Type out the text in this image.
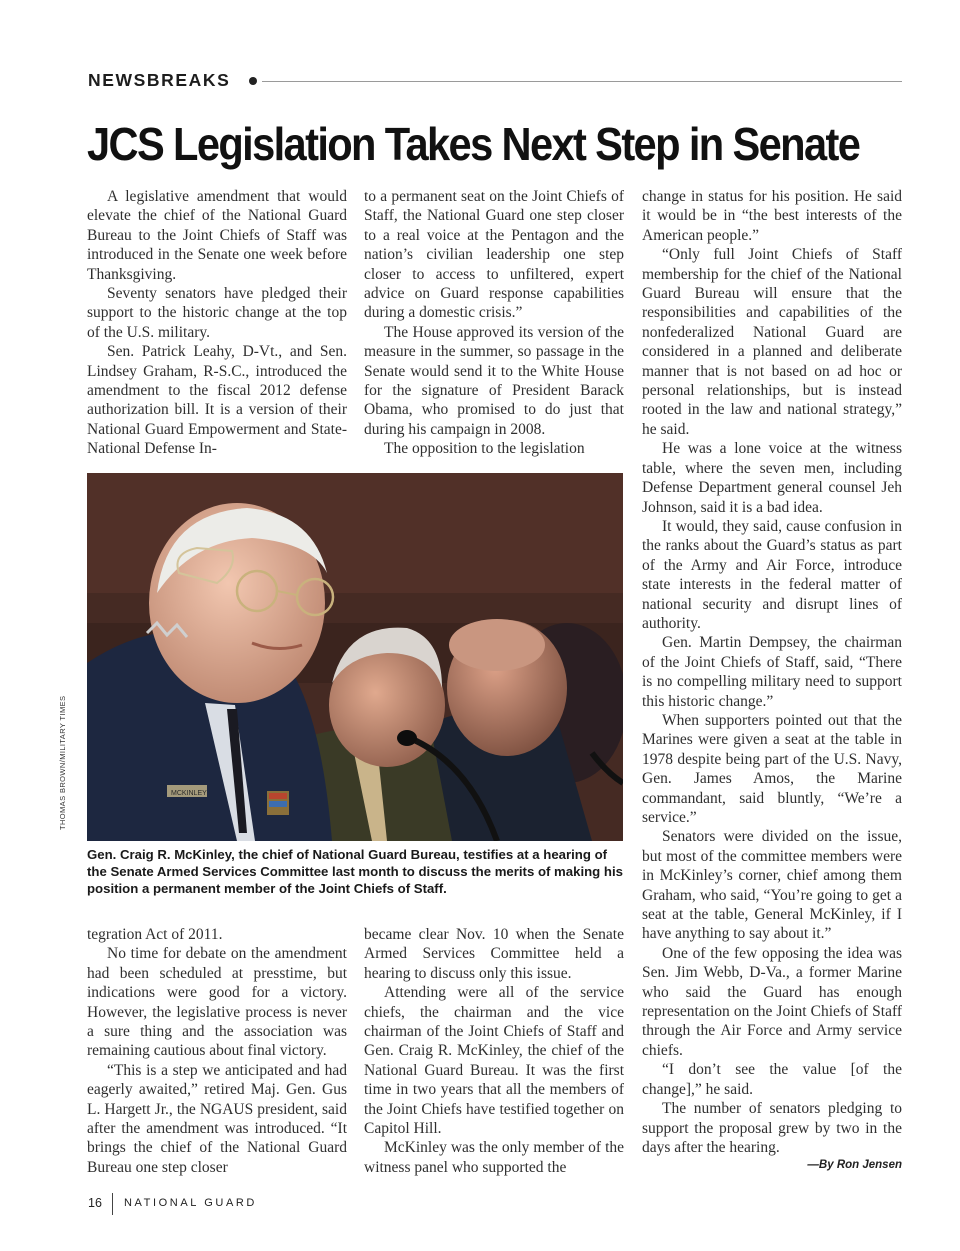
NEWSBREAKS
JCS Legislation Takes Next Step in Senate

A legislative amendment that would elevate the chief of the National Guard Bureau to the Joint Chiefs of Staff was introduced in the Senate one week before Thanksgiving.

Seventy senators have pledged their support to the historic change at the top of the U.S. military.

Sen. Patrick Leahy, D-Vt., and Sen. Lindsey Graham, R-S.C., introduced the amendment to the fiscal 2012 defense authorization bill. It is a version of their National Guard Empowerment and State-National Defense In-

to a permanent seat on the Joint Chiefs of Staff, the National Guard one step closer to a real voice at the Pentagon and the nation’s civilian leadership one step closer to access to unfiltered, expert advice on Guard response capabilities during a domestic crisis.”

The House approved its version of the measure in the summer, so passage in the Senate would send it to the White House for the signature of President Barack Obama, who promised to do just that during his campaign in 2008.

The opposition to the legislation

MCKINLEY
THOMAS BROWN/MILITARY TIMES
Gen. Craig R. McKinley, the chief of National Guard Bureau, testifies at a hearing of the Senate Armed Services Committee last month to discuss the merits of making his position a permanent member of the Joint Chiefs of Staff.

tegration Act of 2011.

No time for debate on the amendment had been scheduled at presstime, but indications were good for a victory. However, the legislative process is never a sure thing and the association was remaining cautious about final victory.

“This is a step we anticipated and had eagerly awaited,” retired Maj. Gen. Gus L. Hargett Jr., the NGAUS president, said after the amendment was introduced. “It brings the chief of the National Guard Bureau one step closer

became clear Nov. 10 when the Senate Armed Services Committee held a hearing to discuss only this issue.

Attending were all of the service chiefs, the chairman and the vice chairman of the Joint Chiefs of Staff and Gen. Craig R. McKinley, the chief of the National Guard Bureau. It was the first time in two years that all the members of the Joint Chiefs have testified together on Capitol Hill.

McKinley was the only member of the witness panel who supported the

change in status for his position. He said it would be in “the best interests of the American people.”

“Only full Joint Chiefs of Staff membership for the chief of the National Guard Bureau will ensure that the responsibilities and capabilities of the nonfederalized National Guard are considered in a planned and deliberate manner that is not based on ad hoc or personal relationships, but is instead rooted in the law and national strategy,” he said.

He was a lone voice at the witness table, where the seven men, including Defense Department general counsel Jeh Johnson, said it is a bad idea.

It would, they said, cause confusion in the ranks about the Guard’s status as part of the Army and Air Force, introduce state interests in the federal matter of national security and disrupt lines of authority.

Gen. Martin Dempsey, the chairman of the Joint Chiefs of Staff, said, “There is no compelling military need to support this historic change.”

When supporters pointed out that the Marines were given a seat at the table in 1978 despite being part of the U.S. Navy, Gen. James Amos, the Marine commandant, said bluntly, “We’re a service.”

Senators were divided on the issue, but most of the committee members were in McKinley’s corner, chief among them Graham, who said, “You’re going to get a seat at the table, General McKinley, if I have anything to say about it.”

One of the few opposing the idea was Sen. Jim Webb, D-Va., a former Marine who said the Guard has enough representation on the Joint Chiefs of Staff through the Air Force and Army service chiefs.

“I don’t see the value [of the change],” he said.

The number of senators pledging to support the proposal grew by two in the days after the hearing.

—By Ron Jensen
16 NATIONAL GUARD
